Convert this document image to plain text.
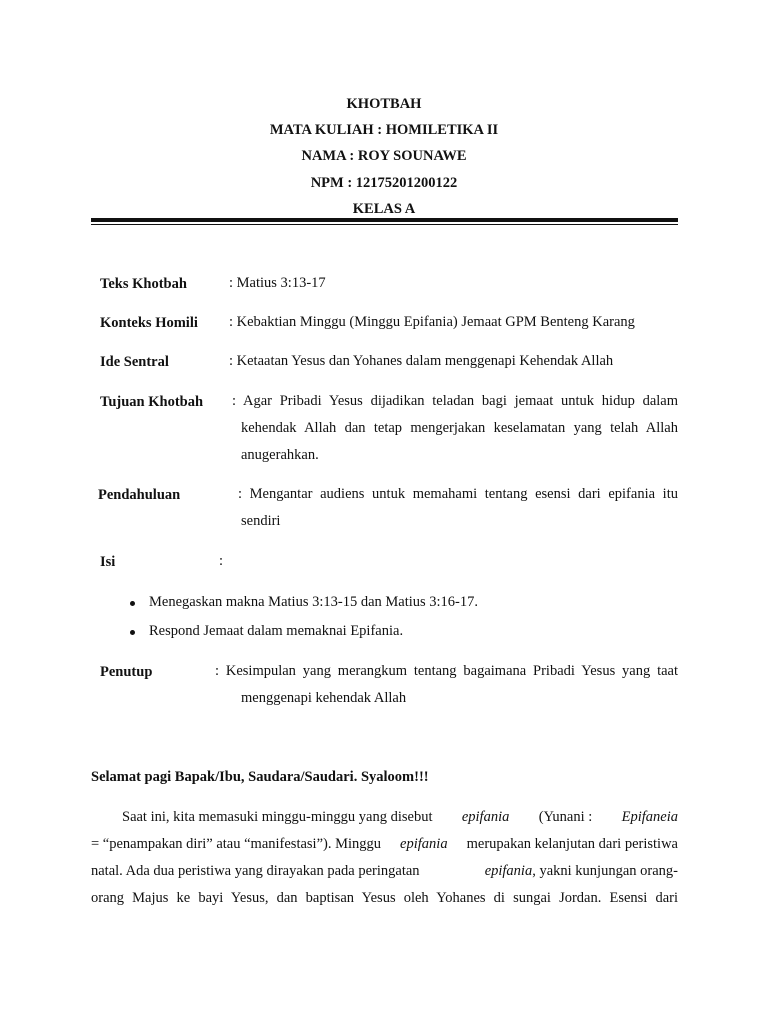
KHOTBAH
MATA KULIAH : HOMILETIKA II
NAMA : ROY SOUNAWE
NPM : 12175201200122
KELAS A
Teks Khotbah	: Matius 3:13-17
Konteks Homili : Kebaktian Minggu (Minggu Epifania) Jemaat GPM Benteng Karang
Ide Sentral	: Ketaatan Yesus dan Yohanes dalam menggenapi Kehendak Allah
Tujuan Khotbah : Agar Pribadi Yesus dijadikan teladan bagi jemaat untuk hidup dalam
kehendak Allah dan tetap mengerjakan keselamatan yang telah Allah
anugerahkan.
Pendahuluan	: Mengantar audiens untuk memahami tentang esensi dari epifania itu
sendiri
Isi	:
Menegaskan makna Matius 3:13-15 dan Matius 3:16-17.
Respond Jemaat dalam memaknai Epifania.
Penutup	: Kesimpulan yang merangkum tentang bagaimana Pribadi Yesus yang taat
menggenapi kehendak Allah
Selamat pagi Bapak/Ibu, Saudara/Saudari. Syaloom!!!
Saat ini, kita memasuki minggu-minggu yang disebut epifania (Yunani : Epifaneia
= “penampakan diri” atau “manifestasi”). Minggu epifania merupakan kelanjutan dari peristiwa
natal. Ada dua peristiwa yang dirayakan pada peringatan	epifania , yakni kunjungan orang-
orang Majus ke bayi Yesus, dan baptisan Yesus oleh Yohanes di sungai Jordan. Esensi dari
